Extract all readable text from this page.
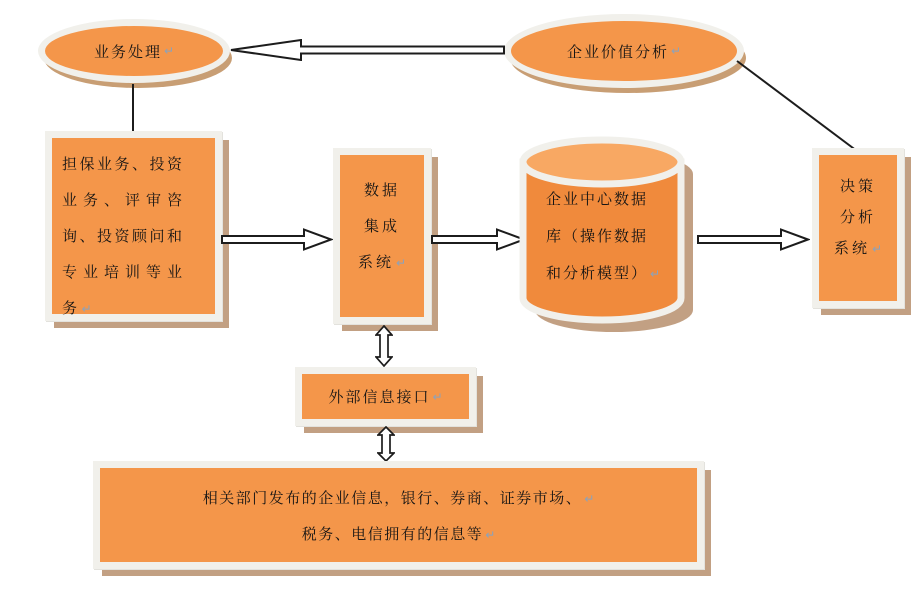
业务处理 ↵	企业价值分析 ↵
担保业务、投资
业务、评审咨
询、投资顾问和
专业培训等业
务 ↵
数据
集成
系统 ↵
企业中心数据
库（操作数据
和分析模型） ↵
决策
分析
系统 ↵
外部信息接口 ↵
相关部门发布的企业信息，银行、券商、证券市场、 ↵
税务、电信拥有的信息等 ↵
